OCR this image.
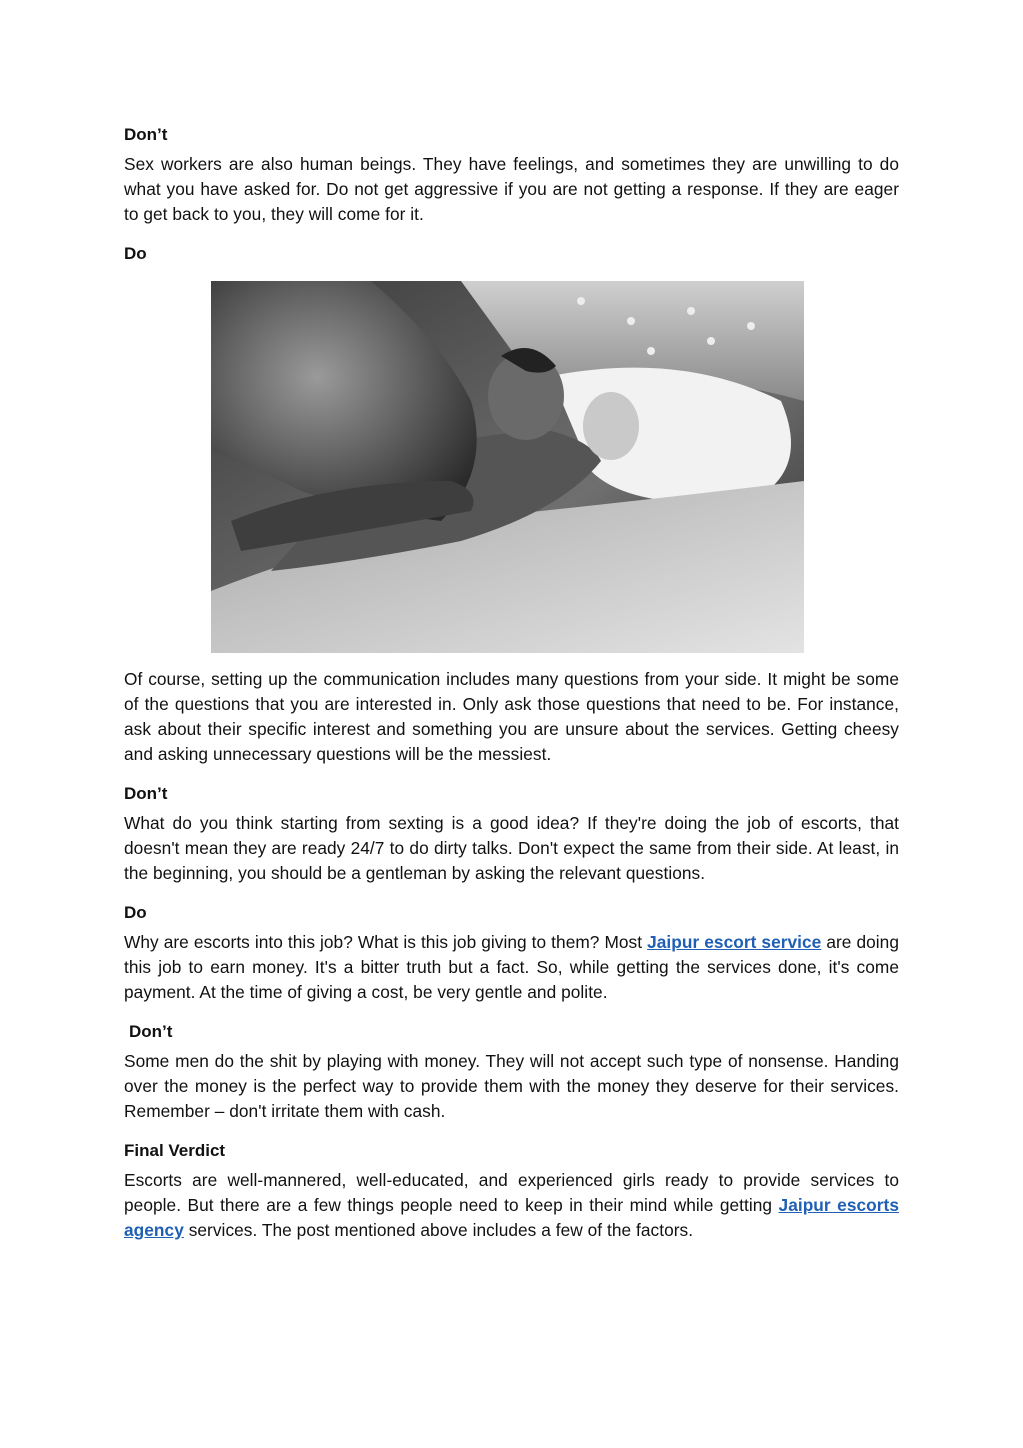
Don’t

Sex workers are also human beings. They have feelings, and sometimes they are unwilling to do what you have asked for. Do not get aggressive if you are not getting a response. If they are eager to get back to you, they will come for it.

Do

Of course, setting up the communication includes many questions from your side. It might be some of the questions that you are interested in. Only ask those questions that need to be. For instance, ask about their specific interest and something you are unsure about the services. Getting cheesy and asking unnecessary questions will be the messiest.

Don’t

What do you think starting from sexting is a good idea? If they're doing the job of escorts, that doesn't mean they are ready 24/7 to do dirty talks. Don't expect the same from their side. At least, in the beginning, you should be a gentleman by asking the relevant questions.

Do

Why are escorts into this job? What is this job giving to them? Most Jaipur escort service are doing this job to earn money. It's a bitter truth but a fact. So, while getting the services done, it's come payment. At the time of giving a cost, be very gentle and polite.

Don’t

Some men do the shit by playing with money. They will not accept such type of nonsense. Handing over the money is the perfect way to provide them with the money they deserve for their services. Remember – don't irritate them with cash.

Final Verdict

Escorts are well-mannered, well-educated, and experienced girls ready to provide services to people. But there are a few things people need to keep in their mind while getting Jaipur escorts agency services. The post mentioned above includes a few of the factors.
